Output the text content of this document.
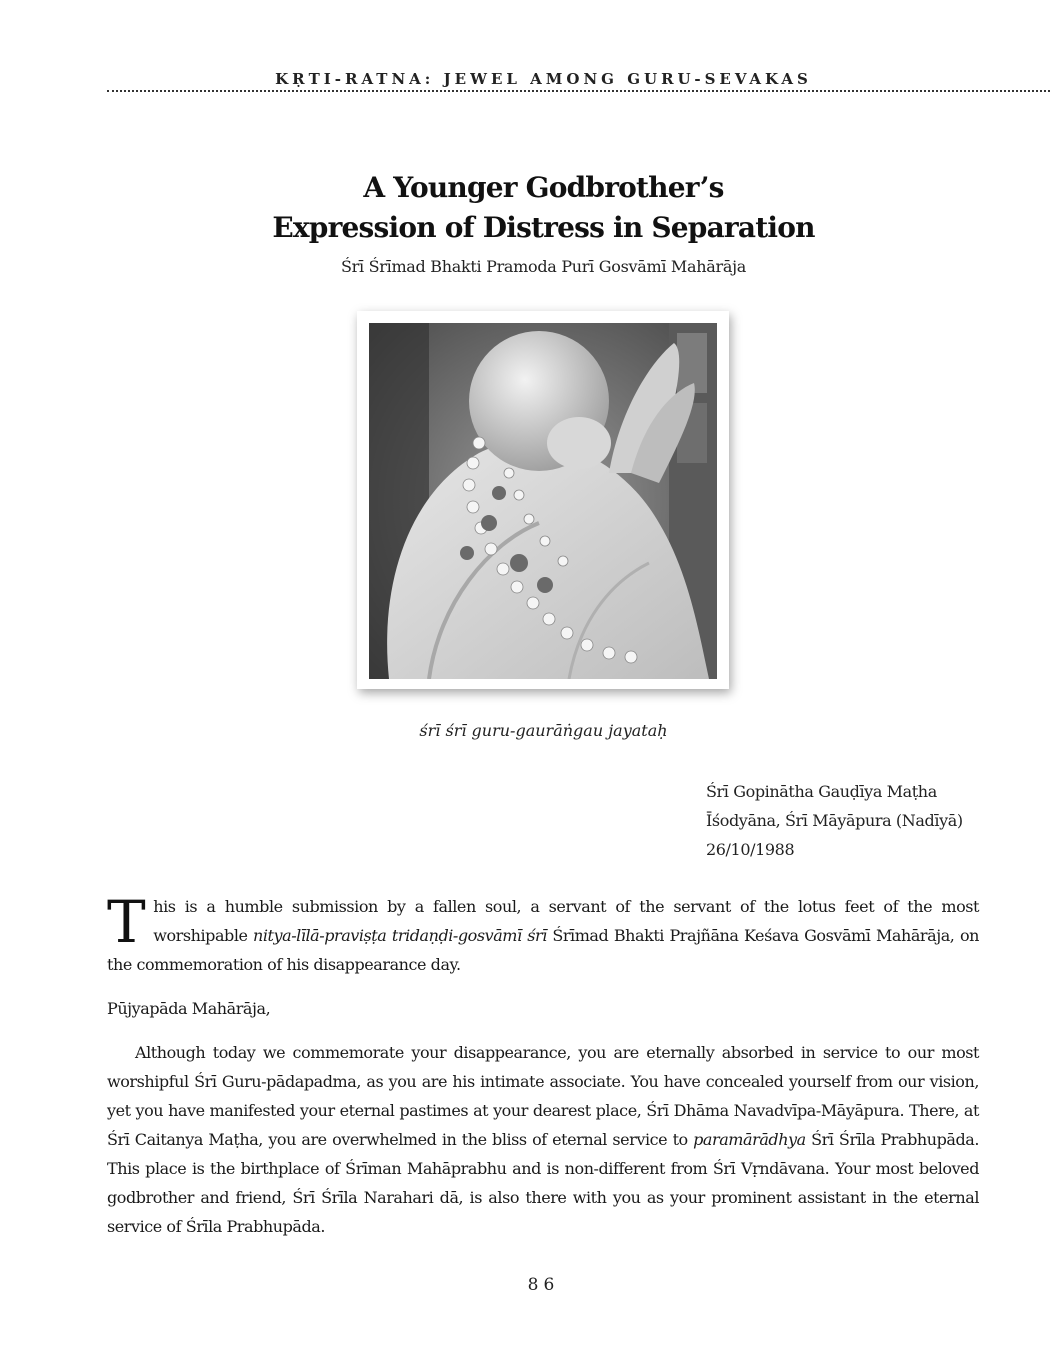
KṚTI-RATNA: JEWEL AMONG GURU-SEVAKAS
A Younger Godbrother’s
Expression of Distress in Separation
Śrī Śrīmad Bhakti Pramoda Purī Gosvāmī Mahārāja
śrī śrī guru-gaurāṅgau jayataḥ
Śrī Gopinātha Gauḍīya Maṭha
Īśodyāna, Śrī Māyāpura (Nadīyā)
26/10/1988
This is a humble submission by a fallen soul, a servant of the servant of the lotus feet of the most worshipable nitya-līlā-praviṣṭa tridaṇḍi-gosvāmī śrī Śrīmad Bhakti Prajñāna Keśava Gosvāmī Mahārāja, on the commemoration of his disappearance day.
Pūjyapāda Mahārāja,
Although today we commemorate your disappearance, you are eternally absorbed in service to our most worshipful Śrī Guru-pādapadma, as you are his intimate associate. You have concealed yourself from our vision, yet you have manifested your eternal pastimes at your dearest place, Śrī Dhāma Navadvīpa-Māyāpura. There, at Śrī Caitanya Maṭha, you are overwhelmed in the bliss of eternal service to paramārādhya Śrī Śrīla Prabhupāda. This place is the birthplace of Śrīman Mahāprabhu and is non-different from Śrī Vṛndāvana. Your most beloved godbrother and friend, Śrī Śrīla Narahari dā, is also there with you as your prominent assistant in the eternal service of Śrīla Prabhupāda.
86
